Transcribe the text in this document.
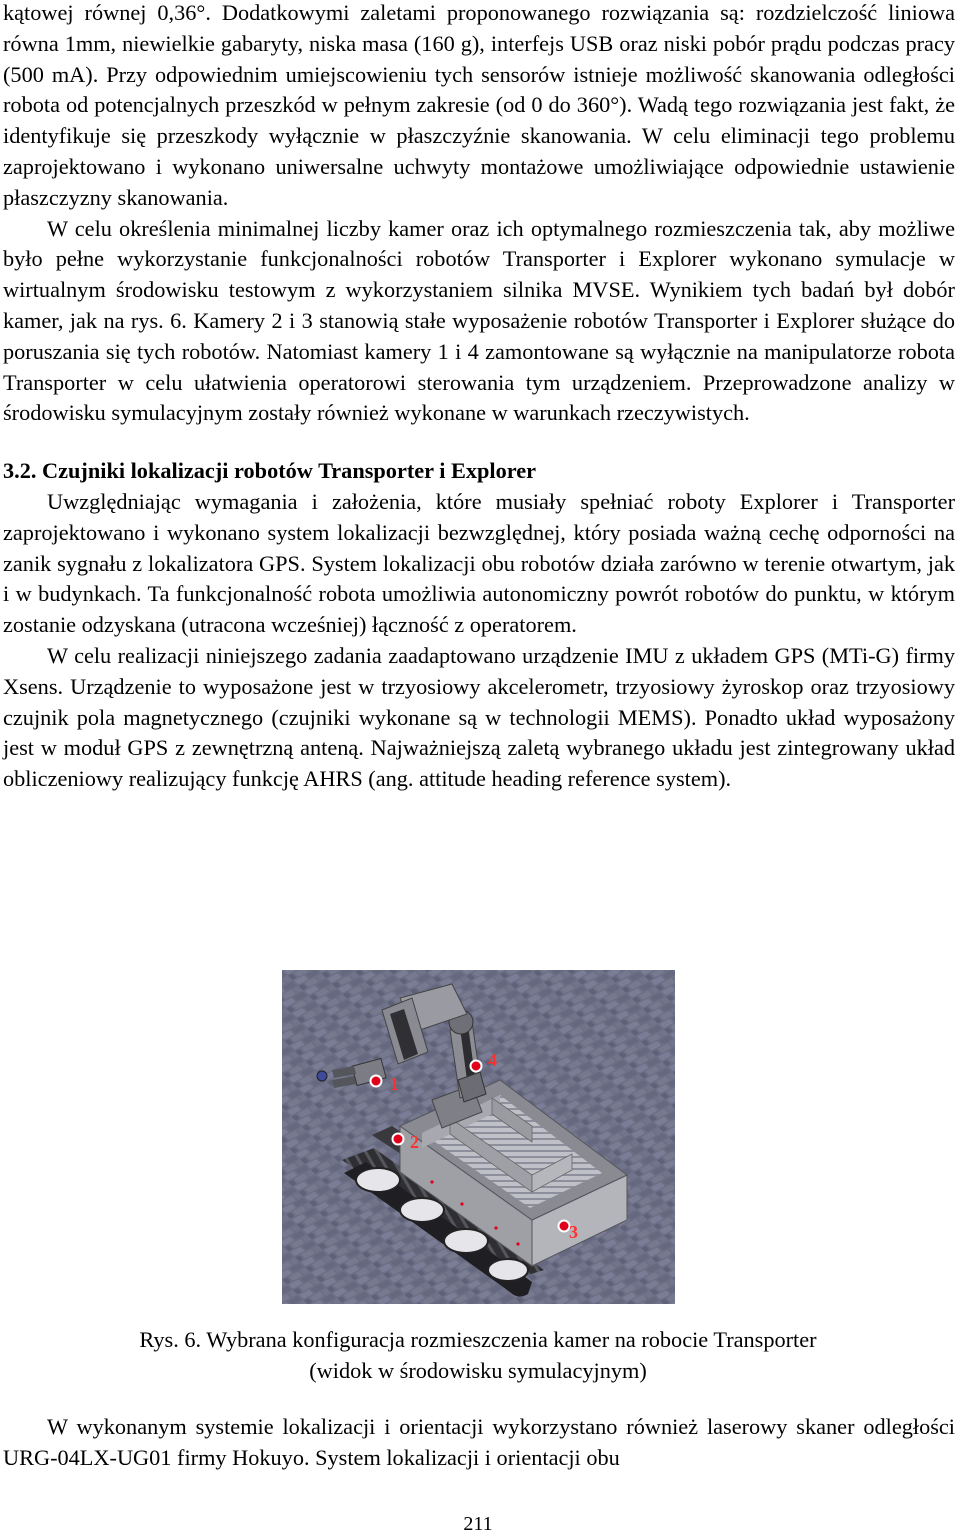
kątowej równej 0,36°. Dodatkowymi zaletami proponowanego rozwiązania są: rozdzielczość liniowa równa 1mm, niewielkie gabaryty, niska masa (160 g), interfejs USB oraz niski pobór prądu podczas pracy (500 mA). Przy odpowiednim umiejscowieniu tych sensorów istnieje możliwość skanowania odległości robota od potencjalnych przeszkód w pełnym zakresie (od 0 do 360°). Wadą tego rozwiązania jest fakt, że identyfikuje się przeszkody wyłącznie w płaszczyźnie skanowania. W celu eliminacji tego problemu zaprojektowano i wykonano uniwersalne uchwyty montażowe umożliwiające odpowiednie ustawienie płaszczyzny skanowania.

W celu określenia minimalnej liczby kamer oraz ich optymalnego rozmieszczenia tak, aby możliwe było pełne wykorzystanie funkcjonalności robotów Transporter i Explorer wykonano symulacje w wirtualnym środowisku testowym z wykorzystaniem silnika MVSE. Wynikiem tych badań był dobór kamer, jak na rys. 6. Kamery 2 i 3 stanowią stałe wyposażenie robotów Transporter i Explorer służące do poruszania się tych robotów. Natomiast kamery 1 i 4 zamontowane są wyłącznie na manipulatorze robota Transporter w celu ułatwienia operatorowi sterowania tym urządzeniem. Przeprowadzone analizy w środowisku symulacyjnym zostały również wykonane w warunkach rzeczywistych.

3.2. Czujniki lokalizacji robotów Transporter i Explorer

Uwzględniając wymagania i założenia, które musiały spełniać roboty Explorer i Transporter zaprojektowano i wykonano system lokalizacji bezwzględnej, który posiada ważną cechę odporności na zanik sygnału z lokalizatora GPS. System lokalizacji obu robotów działa zarówno w terenie otwartym, jak i w budynkach. Ta funkcjonalność robota umożliwia autonomiczny powrót robotów do punktu, w którym zostanie odzyskana (utracona wcześniej) łączność z operatorem.

W celu realizacji niniejszego zadania zaadaptowano urządzenie IMU z układem GPS (MTi-G) firmy Xsens. Urządzenie to wyposażone jest w trzyosiowy akcelerometr, trzyosiowy żyroskop oraz trzyosiowy czujnik pola magnetycznego (czujniki wykonane są w technologii MEMS). Ponadto układ wyposażony jest w moduł GPS z zewnętrzną anteną. Najważniejszą zaletą wybranego układu jest zintegrowany układ obliczeniowy realizujący funkcję AHRS (ang. attitude heading reference system).

1
2
3
4
Rys. 6. Wybrana konfiguracja rozmieszczenia kamer na robocie Transporter
(widok w środowisku symulacyjnym)

W wykonanym systemie lokalizacji i orientacji wykorzystano również laserowy skaner odległości URG-04LX-UG01 firmy Hokuyo. System lokalizacji i orientacji obu

211
